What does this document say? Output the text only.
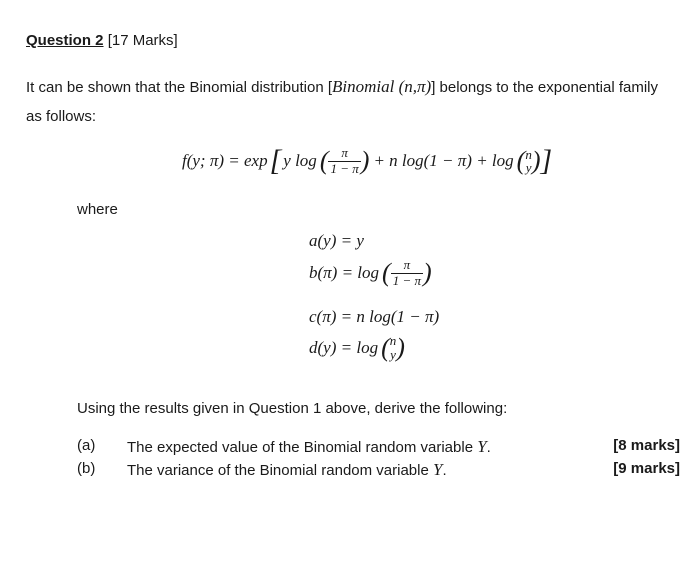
Question 2 [17 Marks]
It can be shown that the Binomial distribution [Binomial (n,π)] belongs to the exponential family
as follows:
f(y; π) = exp [ y log ( $\frac{\pi}{1 - \pi}$ ) + n log(1 − π) + log ( n
y ) ]
where
a(y) = y
b(π) = log ( $\frac{\pi}{1 - \pi}$ )
c(π) = n log(1 − π)
d(y) = log ( n
y )
Using the results given in Question 1 above, derive the following:
(a) The expected value of the Binomial random variable Y.	[8 marks]
(b) The variance of the Binomial random variable Y.	[9 marks]
